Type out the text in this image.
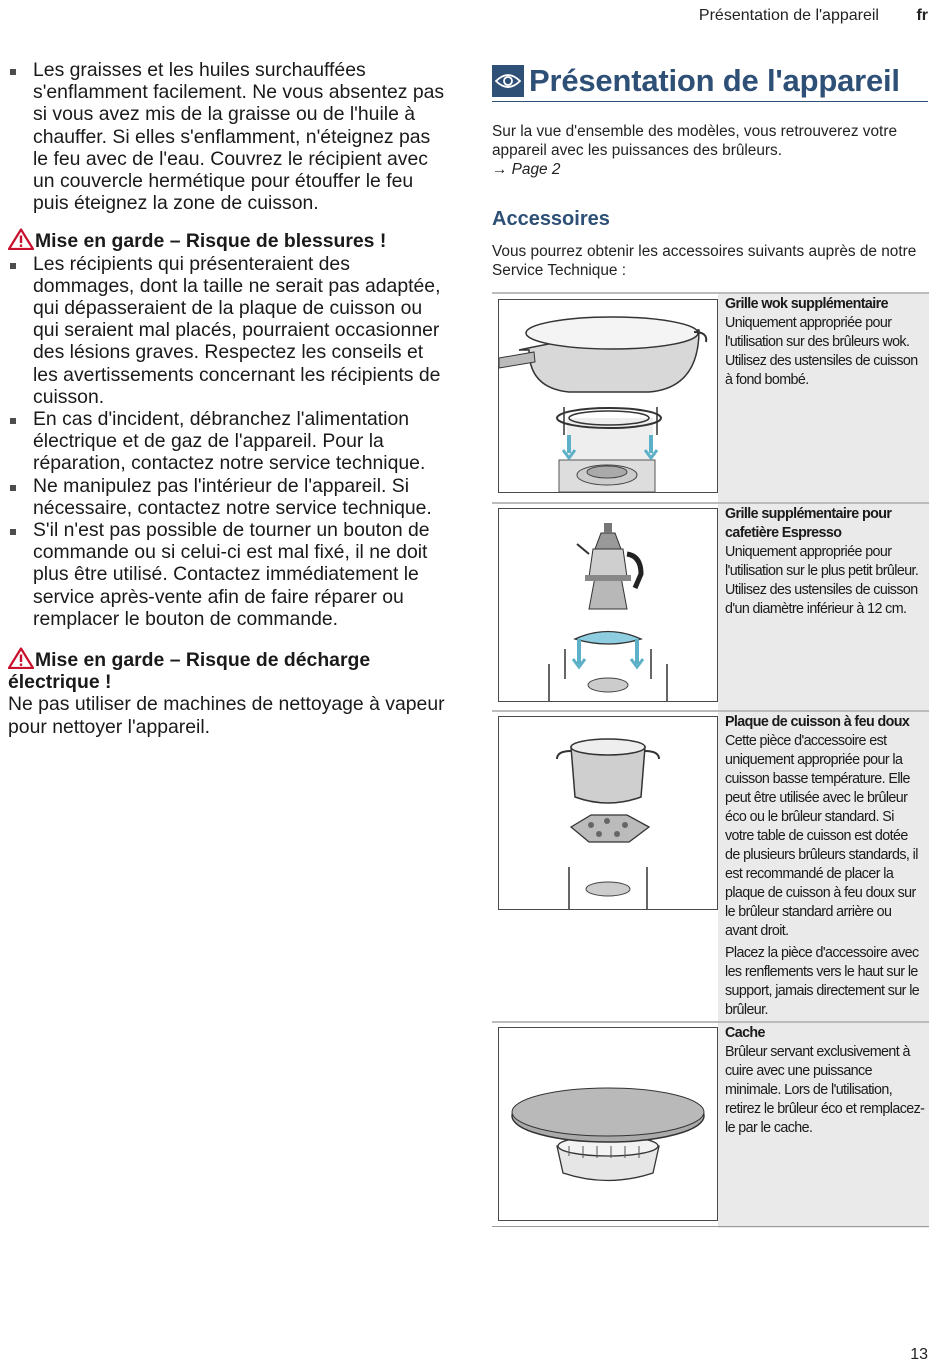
Présentation de l'appareil fr
Les graisses et les huiles surchauffées s'enflamment facilement. Ne vous absentez pas si vous avez mis de la graisse ou de l'huile à chauffer. Si elles s'enflamment, n'éteignez pas le feu avec de l'eau. Couvrez le récipient avec un couvercle hermétique pour étouffer le feu puis éteignez la zone de cuisson.
Mise en garde – Risque de blessures !
Les récipients qui présenteraient des dommages, dont la taille ne serait pas adaptée, qui dépasseraient de la plaque de cuisson ou qui seraient mal placés, pourraient occasionner des lésions graves. Respectez les conseils et les avertissements concernant les récipients de cuisson.
En cas d'incident, débranchez l'alimentation électrique et de gaz de l'appareil. Pour la réparation, contactez notre service technique.
Ne manipulez pas l'intérieur de l'appareil. Si nécessaire, contactez notre service technique.
S'il n'est pas possible de tourner un bouton de commande ou si celui-ci est mal fixé, il ne doit plus être utilisé. Contactez immédiatement le service après-vente afin de faire réparer ou remplacer le bouton de commande.
Mise en garde – Risque de décharge
électrique !

Ne pas utiliser de machines de nettoyage à vapeur pour nettoyer l'appareil.

Présentation de l'appareil
Sur la vue d'ensemble des modèles, vous retrouverez votre appareil avec les puissances des brûleurs.
→ Page 2
Accessoires
Vous pourrez obtenir les accessoires suivants auprès de notre Service Technique :
Grille wok supplémentaire

Uniquement appropriée pour l'utilisation sur des brûleurs wok. Utilisez des ustensiles de cuisson à fond bombé.

Grille supplémentaire pour cafetière Espresso

Uniquement appropriée pour l'utilisation sur le plus petit brûleur. Utilisez des ustensiles de cuisson d'un diamètre inférieur à 12 cm.

Plaque de cuisson à feu doux

Cette pièce d'accessoire est uniquement appropriée pour la cuisson basse température. Elle peut être utilisée avec le brûleur éco ou le brûleur standard. Si votre table de cuisson est dotée de plusieurs brûleurs standards, il est recommandé de placer la plaque de cuisson à feu doux sur le brûleur standard arrière ou avant droit.

Placez la pièce d'accessoire avec les renflements vers le haut sur le support, jamais directement sur le brûleur.

Cache

Brûleur servant exclusivement à cuire avec une puissance minimale. Lors de l'utilisation, retirez le brûleur éco et remplacez-le par le cache.

13
